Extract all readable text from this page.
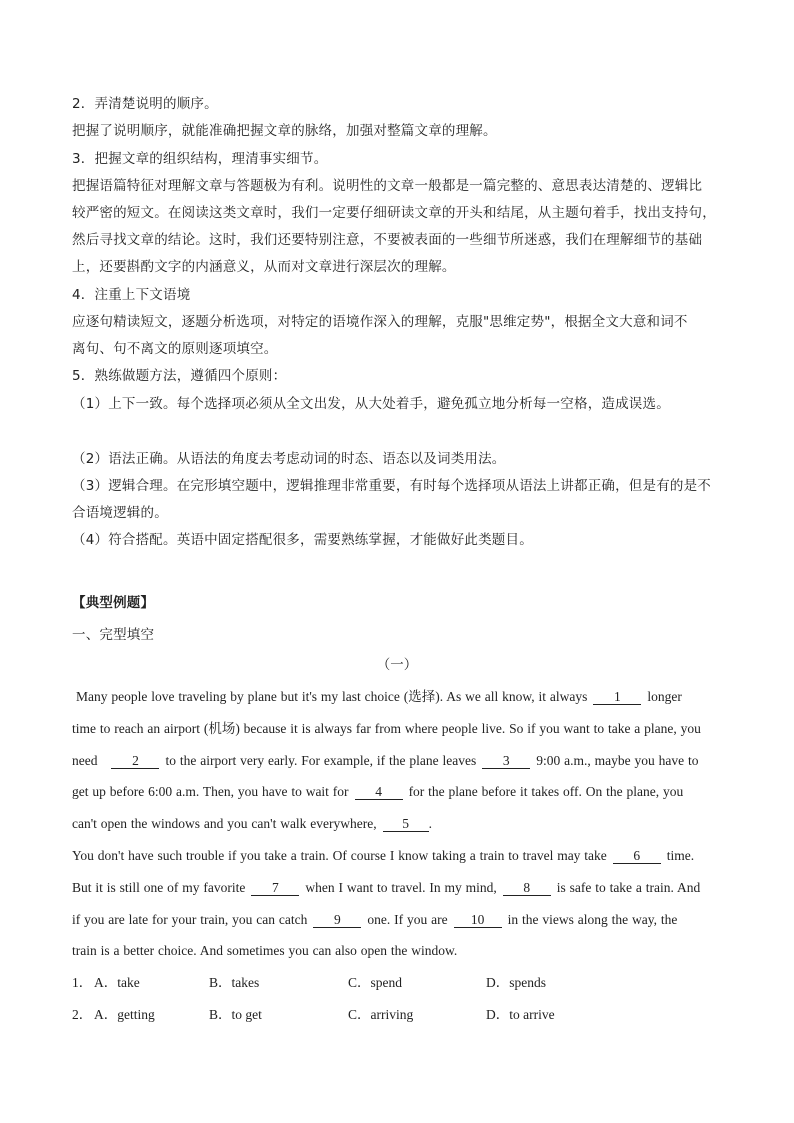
2．弄清楚说明的顺序。
把握了说明顺序，就能准确把握文章的脉络，加强对整篇文章的理解。
3．把握文章的组织结构，理清事实细节。
把握语篇特征对理解文章与答题极为有利。说明性的文章一般都是一篇完整的、意思表达清楚的、逻辑比
较严密的短文。在阅读这类文章时，我们一定要仔细研读文章的开头和结尾，从主题句着手，找出支持句，
然后寻找文章的结论。这时，我们还要特别注意，不要被表面的一些细节所迷惑，我们在理解细节的基础
上，还要斟酌文字的内涵意义，从而对文章进行深层次的理解。
4．注重上下文语境
应逐句精读短文，逐题分析选项，对特定的语境作深入的理解，克服"思维定势"，根据全文大意和词不
离句、句不离文的原则逐项填空。
5．熟练做题方法，遵循四个原则：
（1）上下一致。每个选择项必须从全文出发，从大处着手，避免孤立地分析每一空格，造成误选。
（2）语法正确。从语法的角度去考虑动词的时态、语态以及词类用法。
（3）逻辑合理。在完形填空题中，逻辑推理非常重要，有时每个选择项从语法上讲都正确，但是有的是不
合语境逻辑的。
（4）符合搭配。英语中固定搭配很多，需要熟练掌握，才能做好此类题目。
【典型例题】
一、完型填空
（一）
Many people love traveling by plane but it's my last choice (选择). As we all know, it always 1 longer
time to reach an airport (机场) because it is always far from where people live. So if you want to take a plane, you
need	2 to the airport very early. For example, if the plane leaves 3 9:00 a.m., maybe you have to
get up before 6:00 a.m. Then, you have to wait for 4 for the plane before it takes off. On the plane, you
can't open the windows and you can't walk everywhere, 5 .
You don't have such trouble if you take a train. Of course I know taking a train to travel may take 6 time.
But it is still one of my favorite 7 when I want to travel. In my mind, 8 is safe to take a train. And
if you are late for your train, you can catch 9 one. If you are 10 in the views along the way, the
train is a better choice. And sometimes you can also open the window.
1． A．take	B．takes	C．spend	D．spends
2． A．getting	B．to get	C．arriving	D．to arrive
